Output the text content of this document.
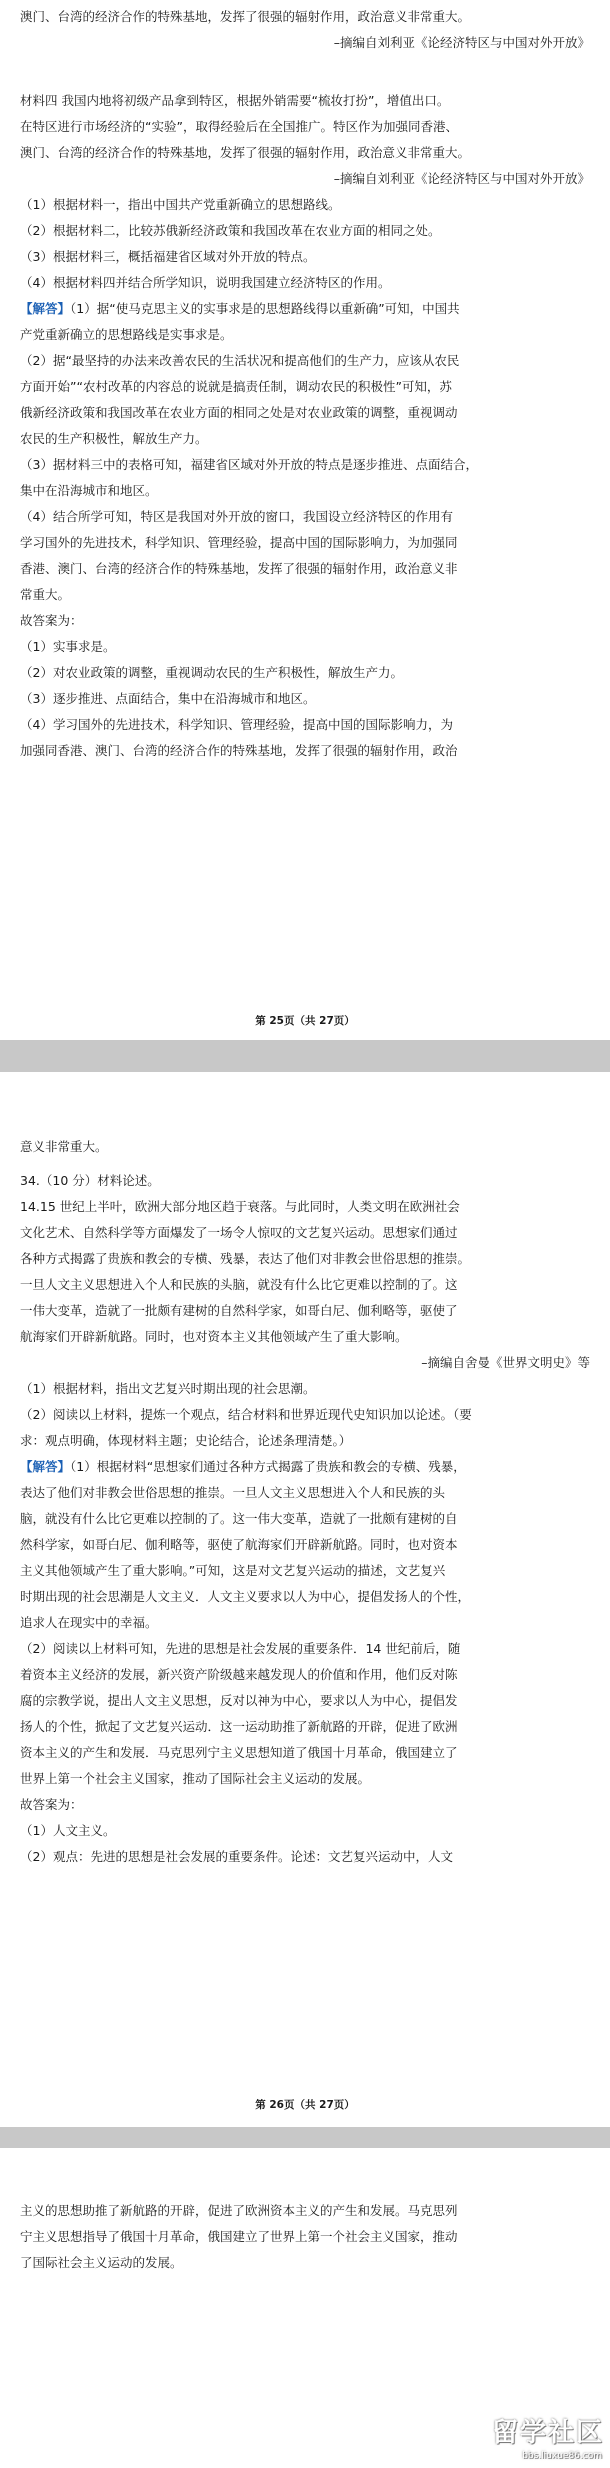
澳门、台湾的经济合作的特殊基地，发挥了很强的辐射作用，政治意义非常重大。

–摘编自刘利亚《论经济特区与中国对外开放》

材料四 我国内地将初级产品拿到特区，根据外销需要“梳妆打扮”，增值出口。

在特区进行市场经济的“实验”，取得经验后在全国推广。特区作为加强同香港、

澳门、台湾的经济合作的特殊基地，发挥了很强的辐射作用，政治意义非常重大。

–摘编自刘利亚《论经济特区与中国对外开放》

（1）根据材料一，指出中国共产党重新确立的思想路线。

（2）根据材料二，比较苏俄新经济政策和我国改革在农业方面的相同之处。

（3）根据材料三，概括福建省区域对外开放的特点。

（4）根据材料四并结合所学知识，说明我国建立经济特区的作用。

【解答】（1）据“使马克思主义的实事求是的思想路线得以重新确”可知，中国共

产党重新确立的思想路线是实事求是。

（2）据“最坚持的办法来改善农民的生活状况和提高他们的生产力，应该从农民

方面开始”“农村改革的内容总的说就是搞责任制，调动农民的积极性”可知，苏

俄新经济政策和我国改革在农业方面的相同之处是对农业政策的调整，重视调动

农民的生产积极性，解放生产力。

（3）据材料三中的表格可知，福建省区域对外开放的特点是逐步推进、点面结合，

集中在沿海城市和地区。

（4）结合所学可知，特区是我国对外开放的窗口，我国设立经济特区的作用有

学习国外的先进技术，科学知识、管理经验，提高中国的国际影响力，为加强同

香港、澳门、台湾的经济合作的特殊基地，发挥了很强的辐射作用，政治意义非

常重大。

故答案为：

（1）实事求是。

（2）对农业政策的调整，重视调动农民的生产积极性，解放生产力。

（3）逐步推进、点面结合，集中在沿海城市和地区。

（4）学习国外的先进技术，科学知识、管理经验，提高中国的国际影响力，为

加强同香港、澳门、台湾的经济合作的特殊基地，发挥了很强的辐射作用，政治

第 25页（共 27页）

意义非常重大。

34.（10 分）材料论述。

14.15 世纪上半叶，欧洲大部分地区趋于衰落。与此同时，人类文明在欧洲社会

文化艺术、自然科学等方面爆发了一场令人惊叹的文艺复兴运动。思想家们通过

各种方式揭露了贵族和教会的专横、残暴，表达了他们对非教会世俗思想的推崇。

一旦人文主义思想进入个人和民族的头脑，就没有什么比它更难以控制的了。这

一伟大变革，造就了一批颇有建树的自然科学家，如哥白尼、伽利略等，驱使了

航海家们开辟新航路。同时，也对资本主义其他领域产生了重大影响。

–摘编自舍曼《世界文明史》等

（1）根据材料，指出文艺复兴时期出现的社会思潮。

（2）阅读以上材料，提炼一个观点，结合材料和世界近现代史知识加以论述。（要

求：观点明确，体现材料主题；史论结合，论述条理清楚。）

【解答】（1）根据材料“思想家们通过各种方式揭露了贵族和教会的专横、残暴，

表达了他们对非教会世俗思想的推崇。一旦人文主义思想进入个人和民族的头

脑，就没有什么比它更难以控制的了。这一伟大变革，造就了一批颇有建树的自

然科学家，如哥白尼、伽利略等，驱使了航海家们开辟新航路。同时，也对资本

主义其他领域产生了重大影响。”可知，这是对文艺复兴运动的描述，文艺复兴

时期出现的社会思潮是人文主义．人文主义要求以人为中心，提倡发扬人的个性，

追求人在现实中的幸福。

（2）阅读以上材料可知，先进的思想是社会发展的重要条件．14 世纪前后，随

着资本主义经济的发展，新兴资产阶级越来越发现人的价值和作用，他们反对陈

腐的宗教学说，提出人文主义思想，反对以神为中心，要求以人为中心，提倡发

扬人的个性，掀起了文艺复兴运动．这一运动助推了新航路的开辟，促进了欧洲

资本主义的产生和发展．马克思列宁主义思想知道了俄国十月革命，俄国建立了

世界上第一个社会主义国家，推动了国际社会主义运动的发展。

故答案为：

（1）人文主义。

（2）观点：先进的思想是社会发展的重要条件。论述：文艺复兴运动中，人文

第 26页（共 27页）

主义的思想助推了新航路的开辟，促进了欧洲资本主义的产生和发展。马克思列

宁主义思想指导了俄国十月革命，俄国建立了世界上第一个社会主义国家，推动

了国际社会主义运动的发展。

留学社区
bbs.liuxue86.com
